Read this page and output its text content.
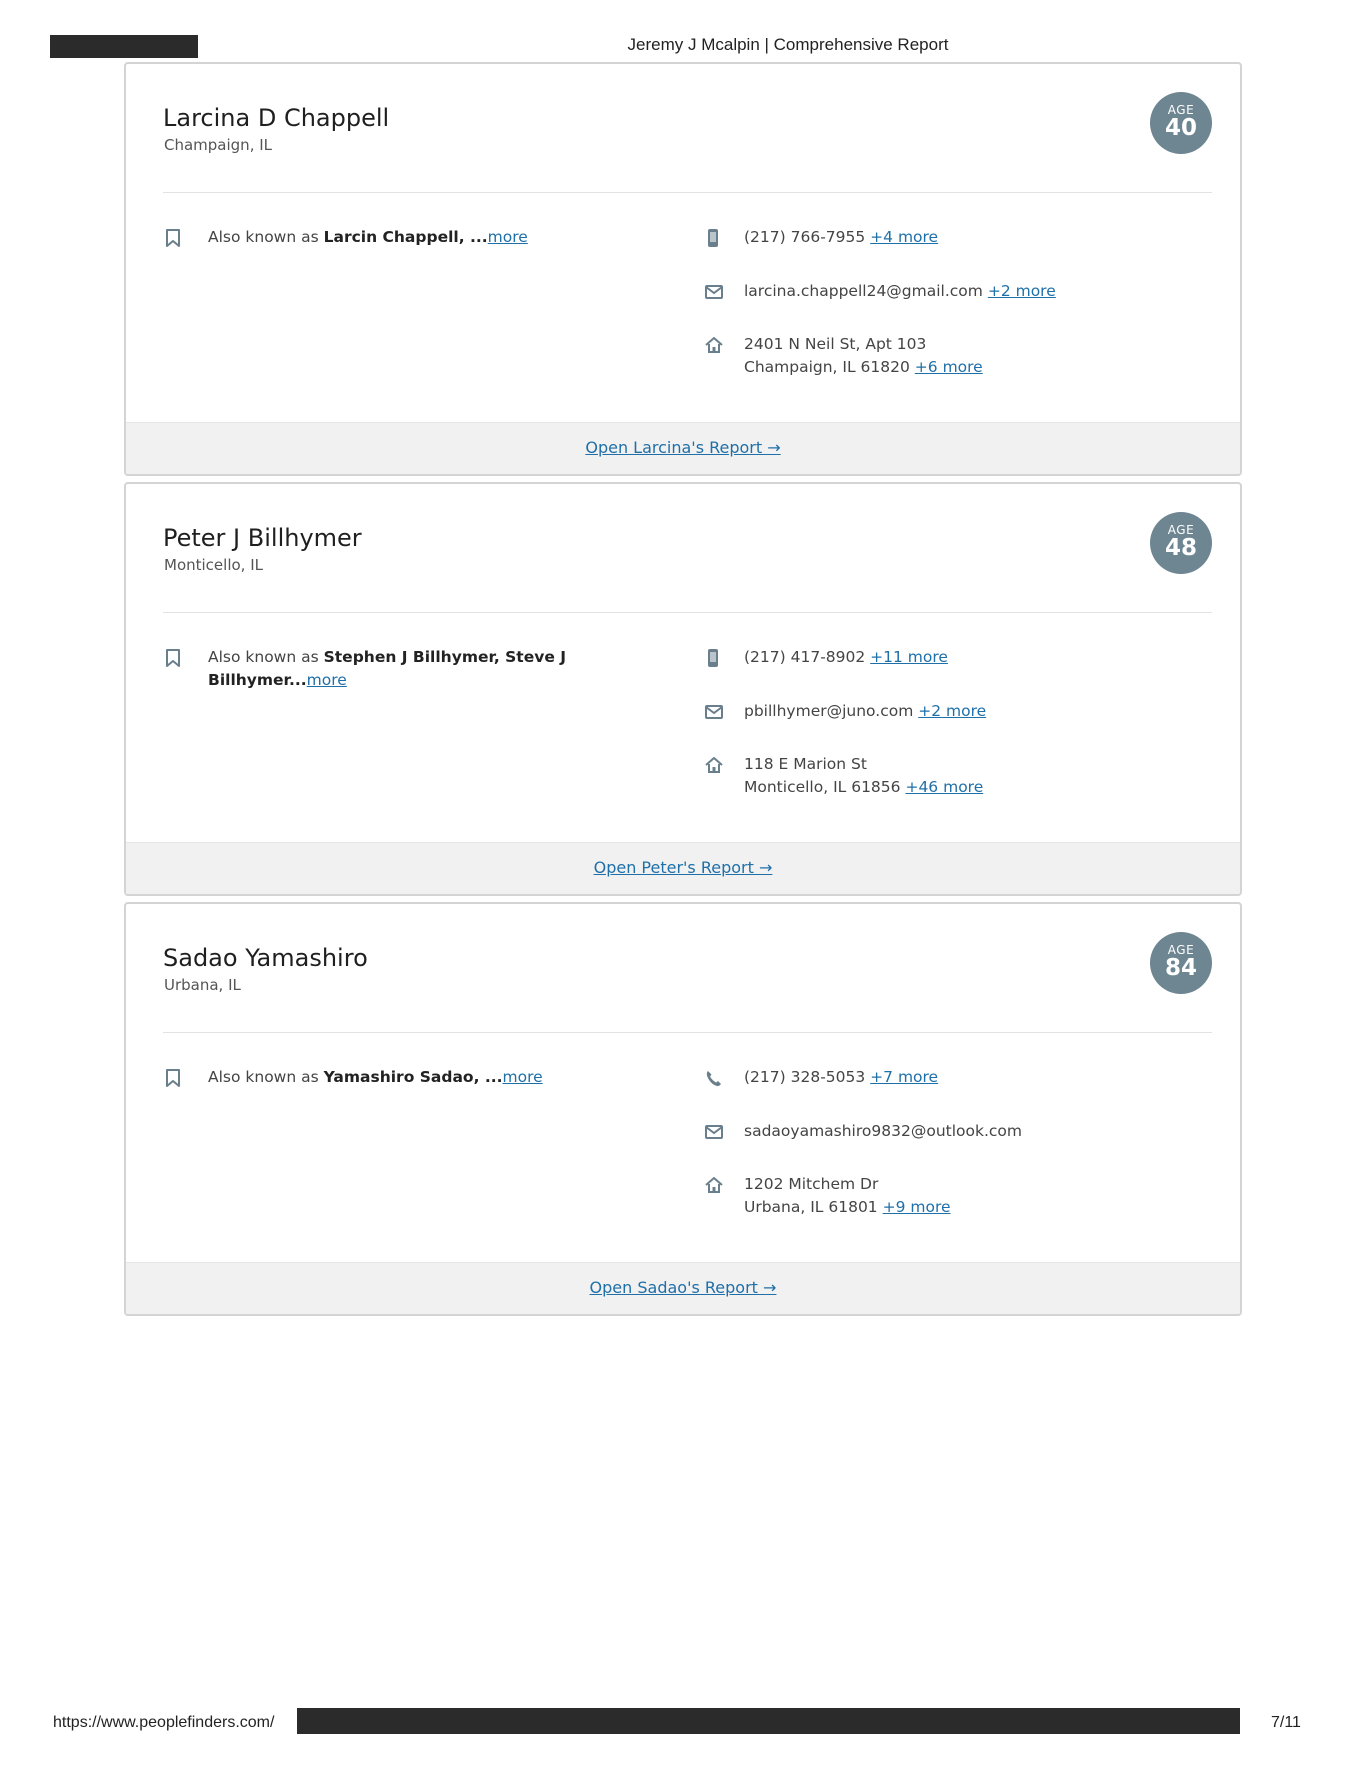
Jeremy J Mcalpin | Comprehensive Report
Larcina D Chappell
Champaign, IL
AGE
40
Also known as Larcin Chappell, ...more	(217) 766-7955 +4 more
larcina.chappell24@gmail.com +2 more
2401 N Neil St, Apt 103
Champaign, IL 61820 +6 more
Open Larcina's Report →
Peter J Billhymer
Monticello, IL
AGE
48
Also known as Stephen J Billhymer, Steve J Billhymer...more
(217) 417-8902 +11 more
pbillhymer@juno.com +2 more
118 E Marion St
Monticello, IL 61856 +46 more
Open Peter's Report →
Sadao Yamashiro
Urbana, IL
AGE
84
Also known as Yamashiro Sadao, ...more	(217) 328-5053 +7 more
sadaoyamashiro9832@outlook.com
1202 Mitchem Dr
Urbana, IL 61801 +9 more
Open Sadao's Report →
https://www.peoplefinders.com/	7/11
